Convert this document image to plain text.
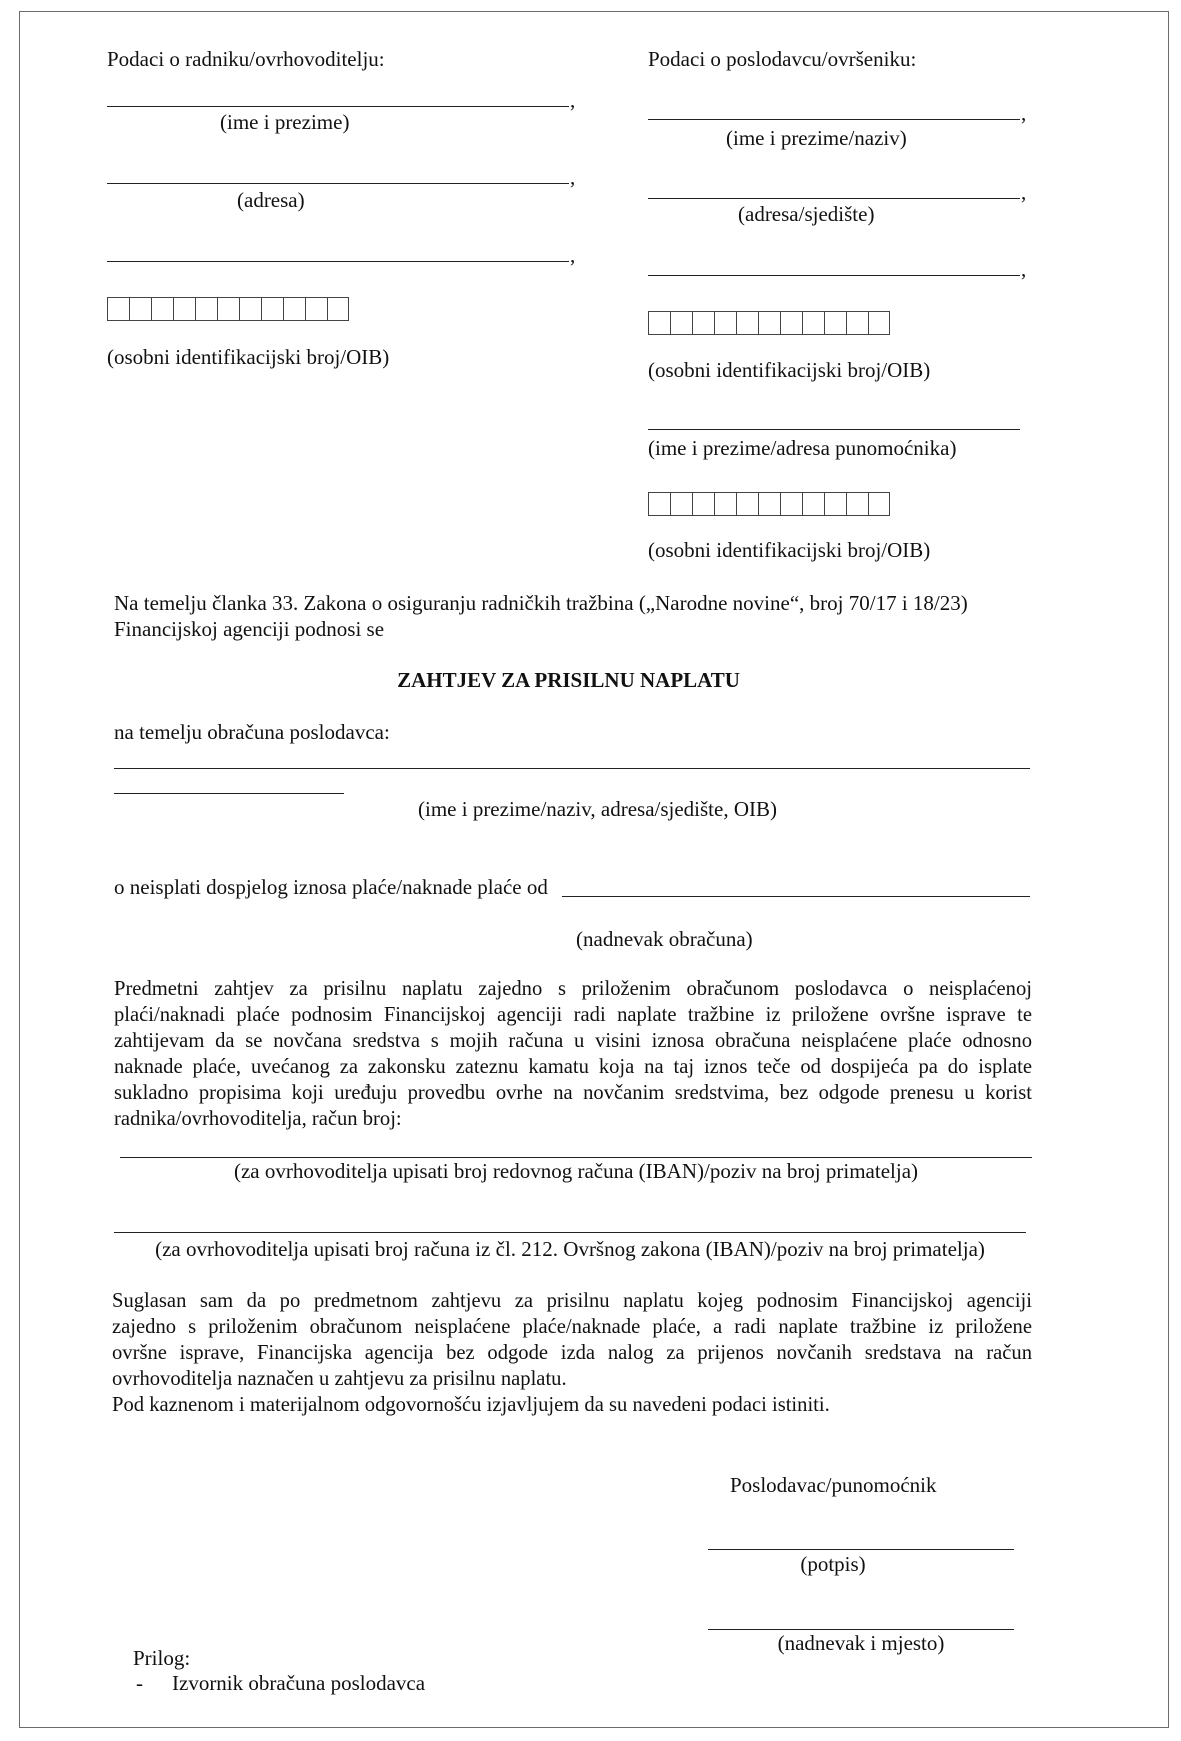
Podaci o radniku/ovrhovoditelju:
,
(ime i prezime)
,
(adresa)
,
(osobni identifikacijski broj/OIB)
Podaci o poslodavcu/ovršeniku:
,
(ime i prezime/naziv)
,
(adresa/sjedište)
,
(osobni identifikacijski broj/OIB)
(ime i prezime/adresa punomoćnika)
(osobni identifikacijski broj/OIB)
Na temelju članka 33. Zakona o osiguranju radničkih tražbina („Narodne novine“, broj 70/17 i 18/23)
Financijskoj agenciji podnosi se
ZAHTJEV ZA PRISILNU NAPLATU
na temelju obračuna poslodavca:
(ime i prezime/naziv, adresa/sjedište, OIB)
o neisplati dospjelog iznosa plaće/naknade plaće od
(nadnevak obračuna)
Predmetni zahtjev za prisilnu naplatu zajedno s priloženim obračunom poslodavca o neisplaćenoj
plaći/naknadi plaće podnosim Financijskoj agenciji radi naplate tražbine iz priložene ovršne isprave te
zahtijevam da se novčana sredstva s mojih računa u visini iznosa obračuna neisplaćene plaće odnosno
naknade plaće, uvećanog za zakonsku zateznu kamatu koja na taj iznos teče od dospijeća pa do isplate
sukladno propisima koji uređuju provedbu ovrhe na novčanim sredstvima, bez odgode prenesu u korist
radnika/ovrhovoditelja, račun broj:
(za ovrhovoditelja upisati broj redovnog računa (IBAN)/poziv na broj primatelja)
(za ovrhovoditelja upisati broj računa iz čl. 212. Ovršnog zakona (IBAN)/poziv na broj primatelja)
Suglasan sam da po predmetnom zahtjevu za prisilnu naplatu kojeg podnosim Financijskoj agenciji
zajedno s priloženim obračunom neisplaćene plaće/naknade plaće, a radi naplate tražbine iz priložene
ovršne isprave, Financijska agencija bez odgode izda nalog za prijenos novčanih sredstava na račun
ovrhovoditelja naznačen u zahtjevu za prisilnu naplatu.
Pod kaznenom i materijalnom odgovornošću izjavljujem da su navedeni podaci istiniti.
Poslodavac/punomoćnik
(potpis)
(nadnevak i mjesto)
Prilog:
- Izvornik obračuna poslodavca
